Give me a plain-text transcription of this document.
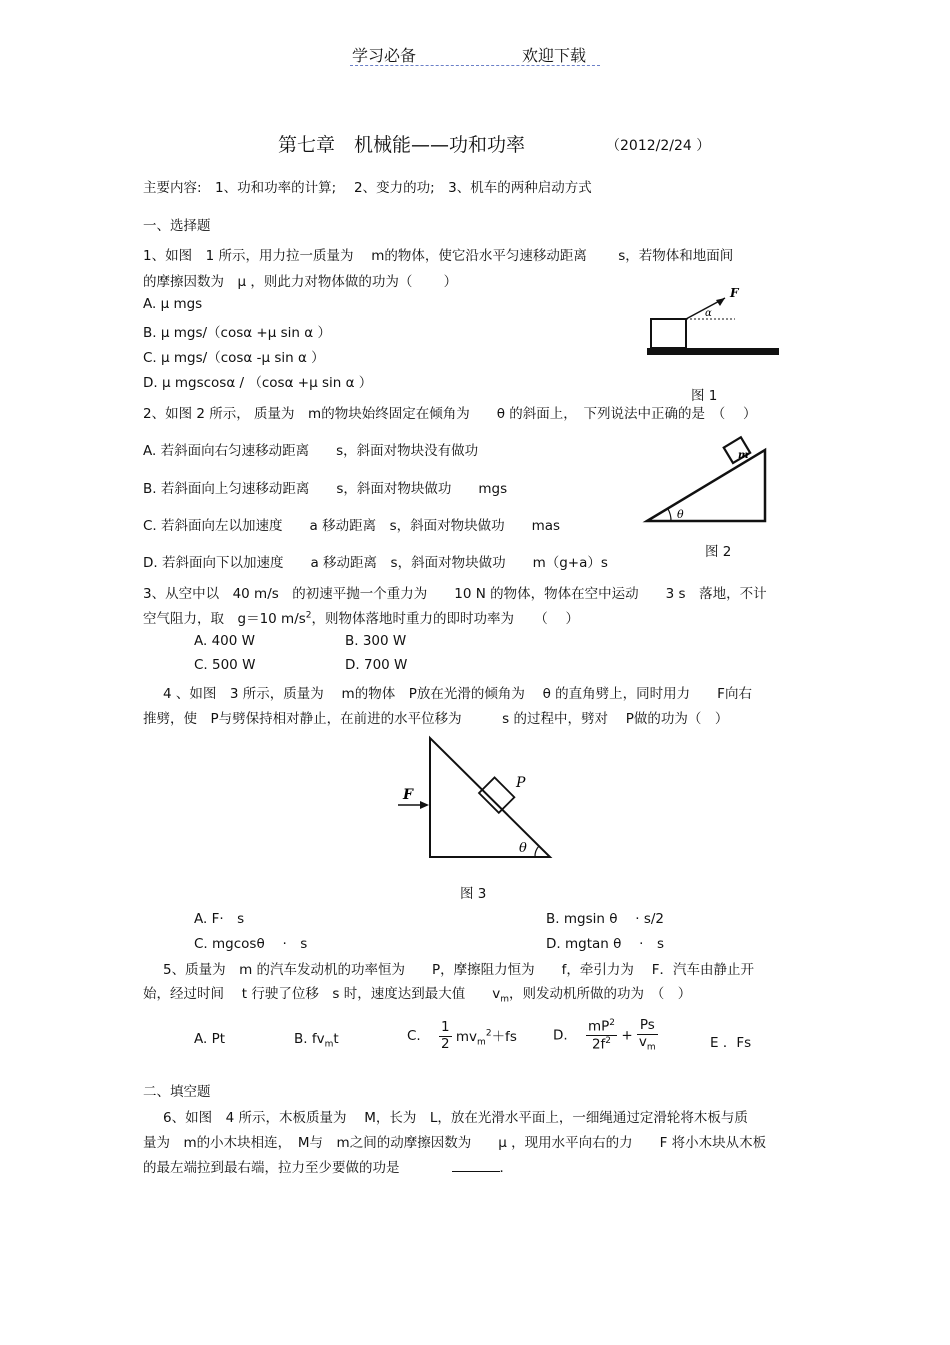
学习必备	欢迎下载
第七章　机械能——功和功率	（2012/2/24 ）
主要内容:　1、功和功率的计算;　 2、变力的功;　3、机车的两种启动方式
一、选择题
1、如图　1 所示，用力拉一质量为　 m的物体，使它沿水平匀速移动距离　　 s，若物体和地面间
的摩擦因数为　μ ，则此力对物体做的功为（　　 ）
A. μ mgs
B. μ mgs/（cosα +μ sin α ）
C. μ mgs/（cosα -μ sin α ）
D. μ mgscosα / （cosα +μ sin α ）
F
α
图 1
2、如图 2 所示， 质量为　m的物块始终固定在倾角为　　θ 的斜面上，　下列说法中正确的是　（　 ）
A. 若斜面向右匀速移动距离　　s，斜面对物块没有做功
B. 若斜面向上匀速移动距离　　s，斜面对物块做功　　mgs
C. 若斜面向左以加速度　　a 移动距离　s，斜面对物块做功　　mas
D. 若斜面向下以加速度　　a 移动距离　s，斜面对物块做功　　m（g+a）s
m
θ
图 2
3、从空中以　40 m/s　的初速平抛一个重力为　　10 N 的物体，物体在空中运动　　3 s　落地，不计
空气阻力，取　g＝10 $m/s^2$，则物体落地时重力的即时功率为　　（　 ）
A. 400 W	B. 300 W
C. 500 W	D. 700 W
4 、如图　3 所示，质量为　 m的物体　P放在光滑的倾角为　 θ 的直角劈上，同时用力　　F向右
推劈，使　P与劈保持相对静止，在前进的水平位移为　　　s 的过程中，劈对　 P做的功为（　）
P
F
θ
图 3
A. F·　s	B. mgsin θ　 · s/2
C. mgcosθ　 ·　s	D. mgtan θ　 ·　s
5、质量为　m 的汽车发动机的功率恒为　　P，摩擦阻力恒为　　f，牵引力为　 F．汽车由静止开
始，经过时间　 t 行驶了位移　s 时，速度达到最大值　　$v_m$，则发动机所做的功为　（　）
A. Pt	B. $fv_mt$	C. $\frac{1}{2} mv_m^2+fs$	D. $\frac{mP^2}{2f^2} + \frac{Ps}{v_m}$	E ．Fs
二、填空题
6、如图　4 所示，木板质量为　 M，长为　L，放在光滑水平面上，一细绳通过定滑轮将木板与质
量为　m的小木块相连，　M与　m之间的动摩擦因数为　　μ ，现用水平向右的力　　F 将小木块从木板
的最左端拉到最右端，拉力至少要做的功是	．
